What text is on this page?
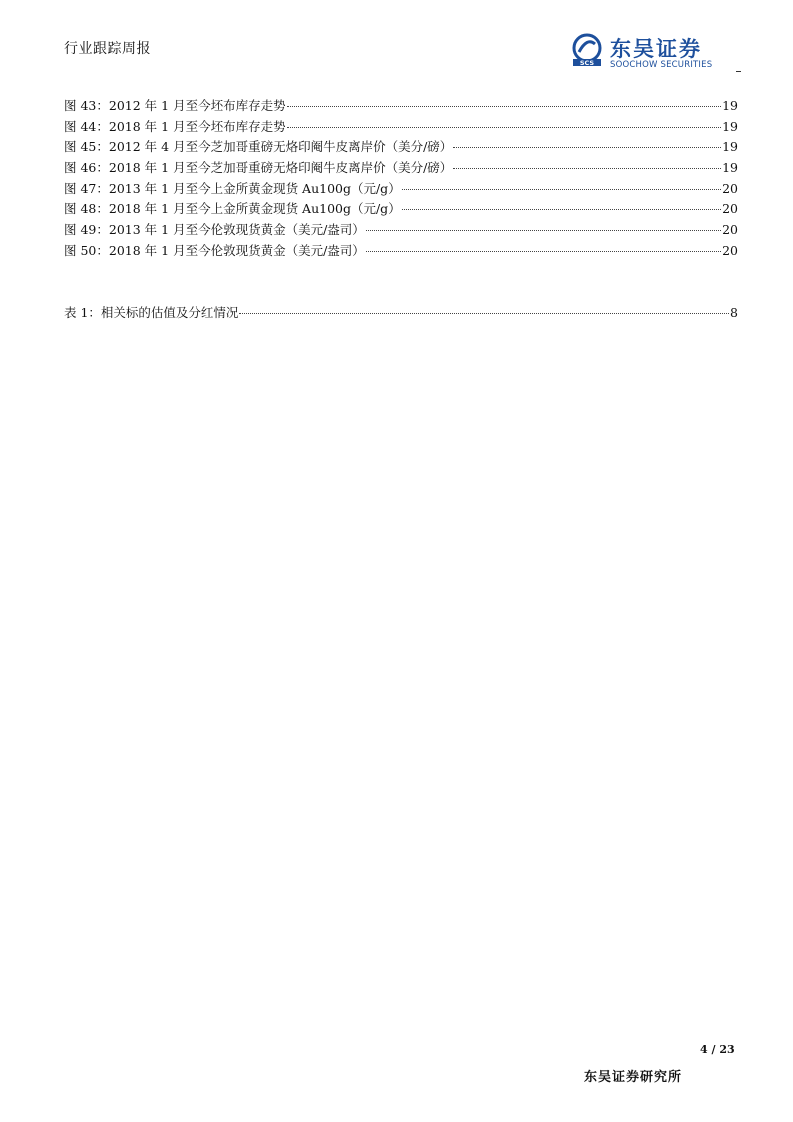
行业跟踪周报
SCS
东吴证券
SOOCHOW SECURITIES
图 43：2012 年 1 月至今坯布库存走势	19
图 44：2018 年 1 月至今坯布库存走势	19
图 45：2012 年 4 月至今芝加哥重磅无烙印阉牛皮离岸价（美分/磅）	19
图 46：2018 年 1 月至今芝加哥重磅无烙印阉牛皮离岸价（美分/磅）	19
图 47：2013 年 1 月至今上金所黄金现货 Au100g（元/g）	20
图 48：2018 年 1 月至今上金所黄金现货 Au100g（元/g）	20
图 49：2013 年 1 月至今伦敦现货黄金（美元/盎司）	20
图 50：2018 年 1 月至今伦敦现货黄金（美元/盎司）	20
表 1：相关标的估值及分红情况	8
4 / 23
东吴证券研究所
